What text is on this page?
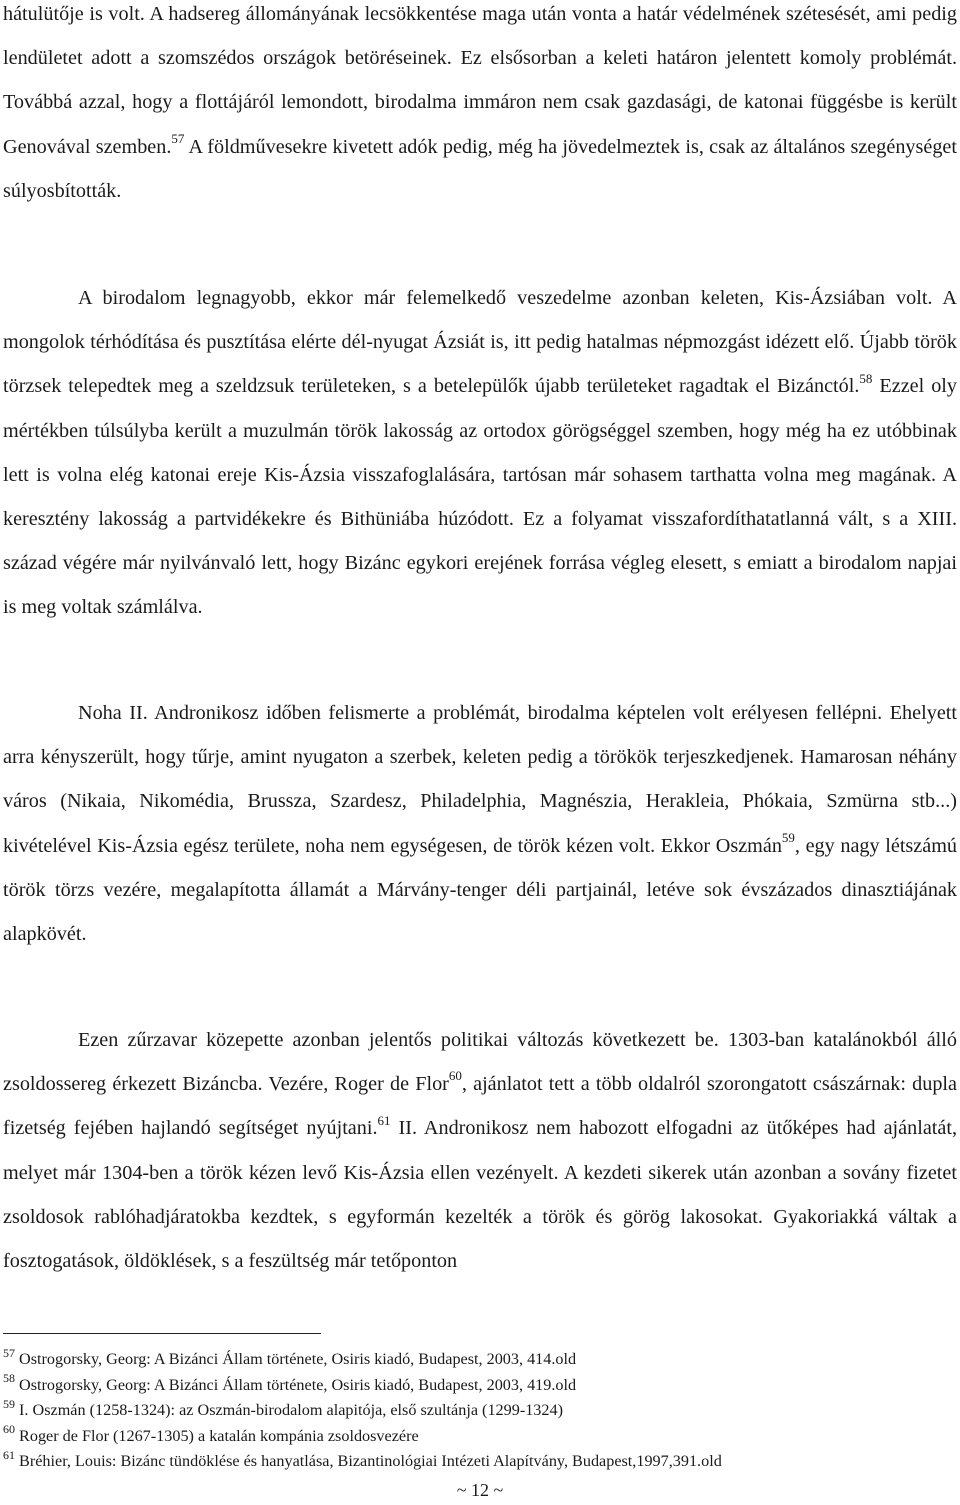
hátulütője is volt. A hadsereg állományának lecsökkentése maga után vonta a határ védelmének szétesését, ami pedig lendületet adott a szomszédos országok betöréseinek. Ez elsősorban a keleti határon jelentett komoly problémát. Továbbá azzal, hogy a flottájáról lemondott, birodalma immáron nem csak gazdasági, de katonai függésbe is került Genovával szemben.$^{57}$ A földművesekre kivetett adók pedig, még ha jövedelmeztek is, csak az általános szegénységet súlyosbították.

A birodalom legnagyobb, ekkor már felemelkedő veszedelme azonban keleten, Kis-Ázsiában volt. A mongolok térhódítása és pusztítása elérte dél-nyugat Ázsiát is, itt pedig hatalmas népmozgást idézett elő. Újabb török törzsek telepedtek meg a szeldzsuk területeken, s a betelepülők újabb területeket ragadtak el Bizánctól.$^{58}$ Ezzel oly mértékben túlsúlyba került a muzulmán török lakosság az ortodox görögséggel szemben, hogy még ha ez utóbbinak lett is volna elég katonai ereje Kis-Ázsia visszafoglalására, tartósan már sohasem tarthatta volna meg magának. A keresztény lakosság a partvidékekre és Bithüniába húzódott. Ez a folyamat visszafordíthatatlanná vált, s a XIII. század végére már nyilvánvaló lett, hogy Bizánc egykori erejének forrása végleg elesett, s emiatt a birodalom napjai is meg voltak számlálva.

Noha II. Andronikosz időben felismerte a problémát, birodalma képtelen volt erélyesen fellépni. Ehelyett arra kényszerült, hogy tűrje, amint nyugaton a szerbek, keleten pedig a törökök terjeszkedjenek. Hamarosan néhány város (Nikaia, Nikomédia, Brussza, Szardesz, Philadelphia, Magnészia, Herakleia, Phókaia, Szmürna stb...) kivételével Kis-Ázsia egész területe, noha nem egységesen, de török kézen volt. Ekkor Oszmán$^{59}$, egy nagy létszámú török törzs vezére, megalapította államát a Márvány-tenger déli partjainál, letéve sok évszázados dinasztiájának alapkövét.

Ezen zűrzavar közepette azonban jelentős politikai változás következett be. 1303-ban katalánokból álló zsoldossereg érkezett Bizáncba. Vezére, Roger de Flor$^{60}$, ajánlatot tett a több oldalról szorongatott császárnak: dupla fizetség fejében hajlandó segítséget nyújtani.$^{61}$ II. Andronikosz nem habozott elfogadni az ütőképes had ajánlatát, melyet már 1304-ben a török kézen levő Kis-Ázsia ellen vezényelt. A kezdeti sikerek után azonban a sovány fizetet zsoldosok rablóhadjáratokba kezdtek, s egyformán kezelték a török és görög lakosokat. Gyakoriakká váltak a fosztogatások, öldöklések, s a feszültség már tetőponton

$^{57}$ Ostrogorsky, Georg: A Bizánci Állam története, Osiris kiadó, Budapest, 2003, 414.old
$^{58}$ Ostrogorsky, Georg: A Bizánci Állam története, Osiris kiadó, Budapest, 2003, 419.old
$^{59}$ I. Oszmán (1258-1324): az Oszmán-birodalom alapitója, első szultánja (1299-1324)
$^{60}$ Roger de Flor (1267-1305) a katalán kompánia zsoldosvezére
$^{61}$ Bréhier, Louis: Bizánc tündöklése és hanyatlása, Bizantinológiai Intézeti Alapítvány, Budapest,1997,391.old
~ 12 ~
